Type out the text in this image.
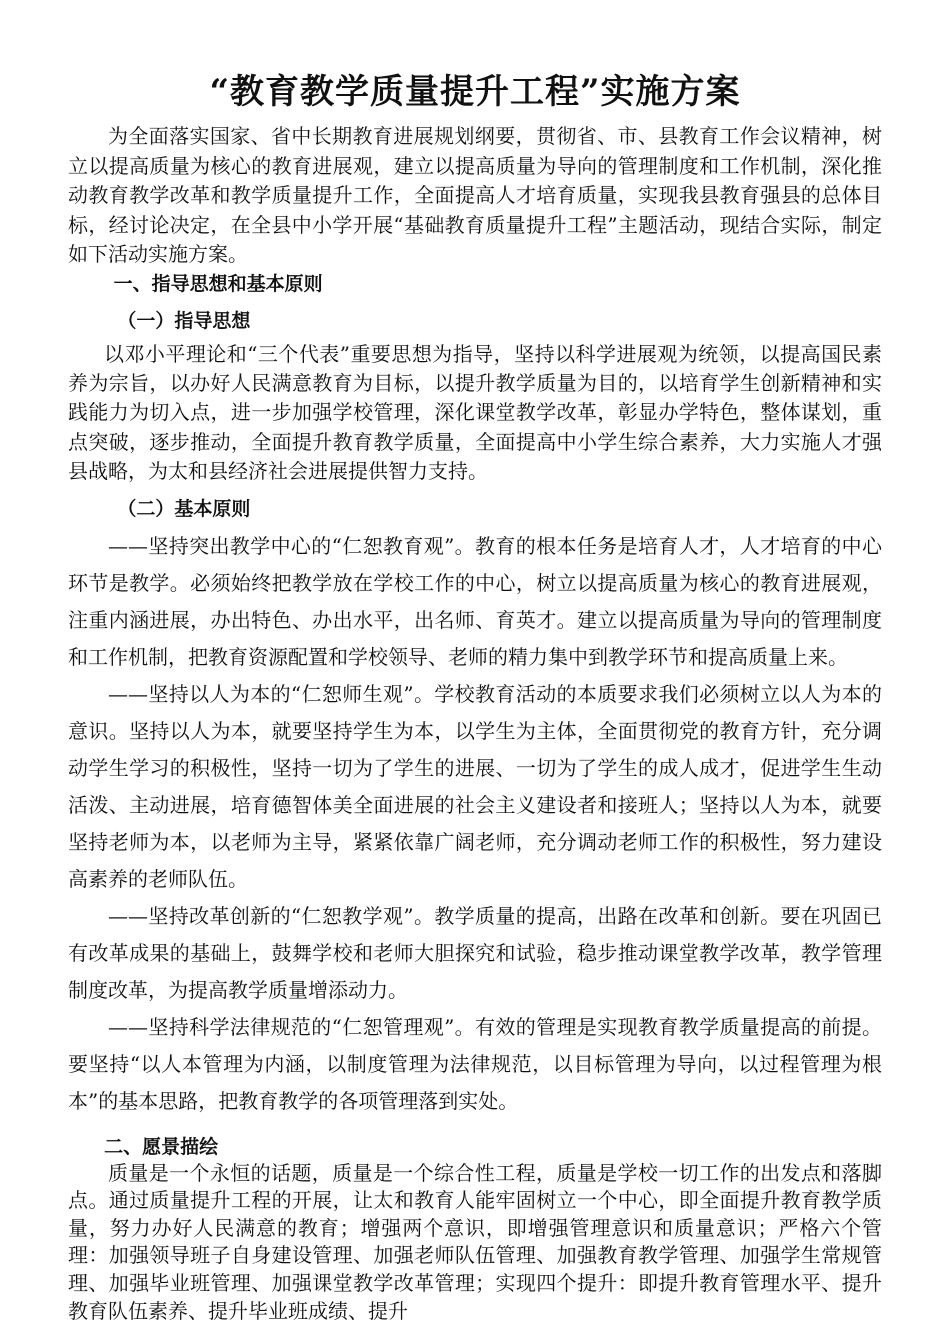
“教育教学质量提升工程”实施方案

为全面落实国家、省中长期教育进展规划纲要，贯彻省、市、县教育工作会议精神，树立以提高质量为核心的教育进展观，建立以提高质量为导向的管理制度和工作机制，深化推动教育教学改革和教学质量提升工作，全面提高人才培育质量，实现我县教育强县的总体目标，经讨论决定，在全县中小学开展“基础教育质量提升工程”主题活动，现结合实际，制定如下活动实施方案。

一、指导思想和基本原则

（一）指导思想

以邓小平理论和“三个代表”重要思想为指导，坚持以科学进展观为统领，以提高国民素养为宗旨，以办好人民满意教育为目标，以提升教学质量为目的，以培育学生创新精神和实践能力为切入点，进一步加强学校管理，深化课堂教学改革，彰显办学特色，整体谋划，重点突破，逐步推动，全面提升教育教学质量，全面提高中小学生综合素养，大力实施人才强县战略，为太和县经济社会进展提供智力支持。

（二）基本原则

——坚持突出教学中心的“仁恕教育观”。教育的根本任务是培育人才，人才培育的中心环节是教学。必须始终把教学放在学校工作的中心，树立以提高质量为核心的教育进展观，注重内涵进展，办出特色、办出水平，出名师、育英才。建立以提高质量为导向的管理制度和工作机制，把教育资源配置和学校领导、老师的精力集中到教学环节和提高质量上来。

——坚持以人为本的“仁恕师生观”。学校教育活动的本质要求我们必须树立以人为本的意识。坚持以人为本，就要坚持学生为本，以学生为主体，全面贯彻党的教育方针，充分调动学生学习的积极性，坚持一切为了学生的进展、一切为了学生的成人成才，促进学生生动活泼、主动进展，培育德智体美全面进展的社会主义建设者和接班人；坚持以人为本，就要坚持老师为本，以老师为主导，紧紧依靠广阔老师，充分调动老师工作的积极性，努力建设高素养的老师队伍。

——坚持改革创新的“仁恕教学观”。教学质量的提高，出路在改革和创新。要在巩固已有改革成果的基础上，鼓舞学校和老师大胆探究和试验，稳步推动课堂教学改革，教学管理制度改革，为提高教学质量增添动力。

——坚持科学法律规范的“仁恕管理观”。有效的管理是实现教育教学质量提高的前提。要坚持“以人本管理为内涵，以制度管理为法律规范，以目标管理为导向，以过程管理为根本”的基本思路，把教育教学的各项管理落到实处。

二、愿景描绘

质量是一个永恒的话题，质量是一个综合性工程，质量是学校一切工作的出发点和落脚点。通过质量提升工程的开展，让太和教育人能牢固树立一个中心，即全面提升教育教学质量，努力办好人民满意的教育；增强两个意识，即增强管理意识和质量意识；严格六个管理：加强领导班子自身建设管理、加强老师队伍管理、加强教育教学管理、加强学生常规管理、加强毕业班管理、加强课堂教学改革管理；实现四个提升：即提升教育管理水平、提升教育队伍素养、提升毕业班成绩、提升
